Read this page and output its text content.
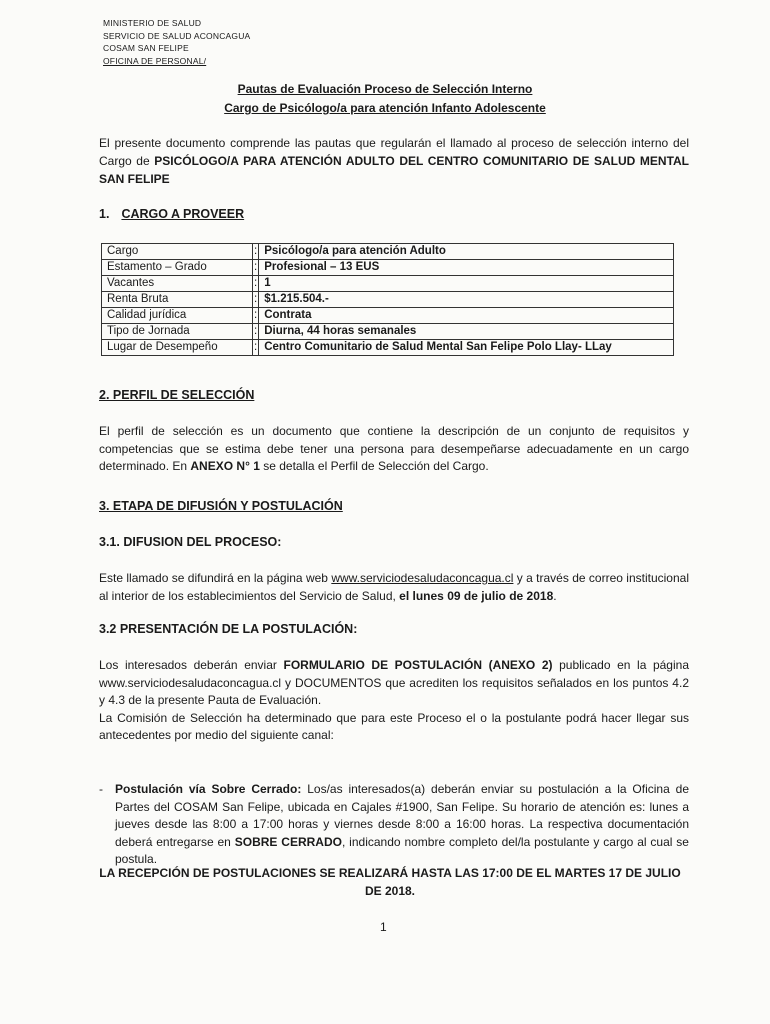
MINISTERIO DE SALUD
SERVICIO DE SALUD ACONCAGUA
COSAM SAN FELIPE
OFICINA DE PERSONAL/
Pautas de Evaluación Proceso de Selección Interno
Cargo de Psicólogo/a para atención Infanto Adolescente
El presente documento comprende las pautas que regularán el llamado al proceso de selección interno del Cargo de PSICÓLOGO/A PARA ATENCIÓN ADULTO DEL CENTRO COMUNITARIO DE SALUD MENTAL SAN FELIPE
1. CARGO A PROVEER
Cargo	:	Psicólogo/a para atención Adulto
Estamento – Grado	:	Profesional – 13 EUS
Vacantes	:	1
Renta Bruta	:	$1.215.504.-
Calidad jurídica	:	Contrata
Tipo de Jornada	:	Diurna, 44 horas semanales
Lugar de Desempeño	:	Centro Comunitario de Salud Mental San Felipe Polo Llay- LLay
2. PERFIL DE SELECCIÓN
El perfil de selección es un documento que contiene la descripción de un conjunto de requisitos y competencias que se estima debe tener una persona para desempeñarse adecuadamente en un cargo determinado. En ANEXO N° 1 se detalla el Perfil de Selección del Cargo.
3. ETAPA DE DIFUSIÓN Y POSTULACIÓN
3.1. DIFUSION DEL PROCESO:
Este llamado se difundirá en la página web www.serviciodesaludaconcagua.cl y a través de correo institucional al interior de los establecimientos del Servicio de Salud, el lunes 09 de julio de 2018.
3.2 PRESENTACIÓN DE LA POSTULACIÓN:
Los interesados deberán enviar FORMULARIO DE POSTULACIÓN (ANEXO 2) publicado en la página www.serviciodesaludaconcagua.cl y DOCUMENTOS que acrediten los requisitos señalados en los puntos 4.2 y 4.3 de la presente Pauta de Evaluación.
La Comisión de Selección ha determinado que para este Proceso el o la postulante podrá hacer llegar sus antecedentes por medio del siguiente canal:
- Postulación vía Sobre Cerrado: Los/as interesados(a) deberán enviar su postulación a la Oficina de Partes del COSAM San Felipe, ubicada en Cajales #1900, San Felipe. Su horario de atención es: lunes a jueves desde las 8:00 a 17:00 horas y viernes desde 8:00 a 16:00 horas. La respectiva documentación deberá entregarse en SOBRE CERRADO, indicando nombre completo del/la postulante y cargo al cual se postula.
LA RECEPCIÓN DE POSTULACIONES SE REALIZARÁ HASTA LAS 17:00 DE EL MARTES 17 DE JULIO
DE 2018.
1
